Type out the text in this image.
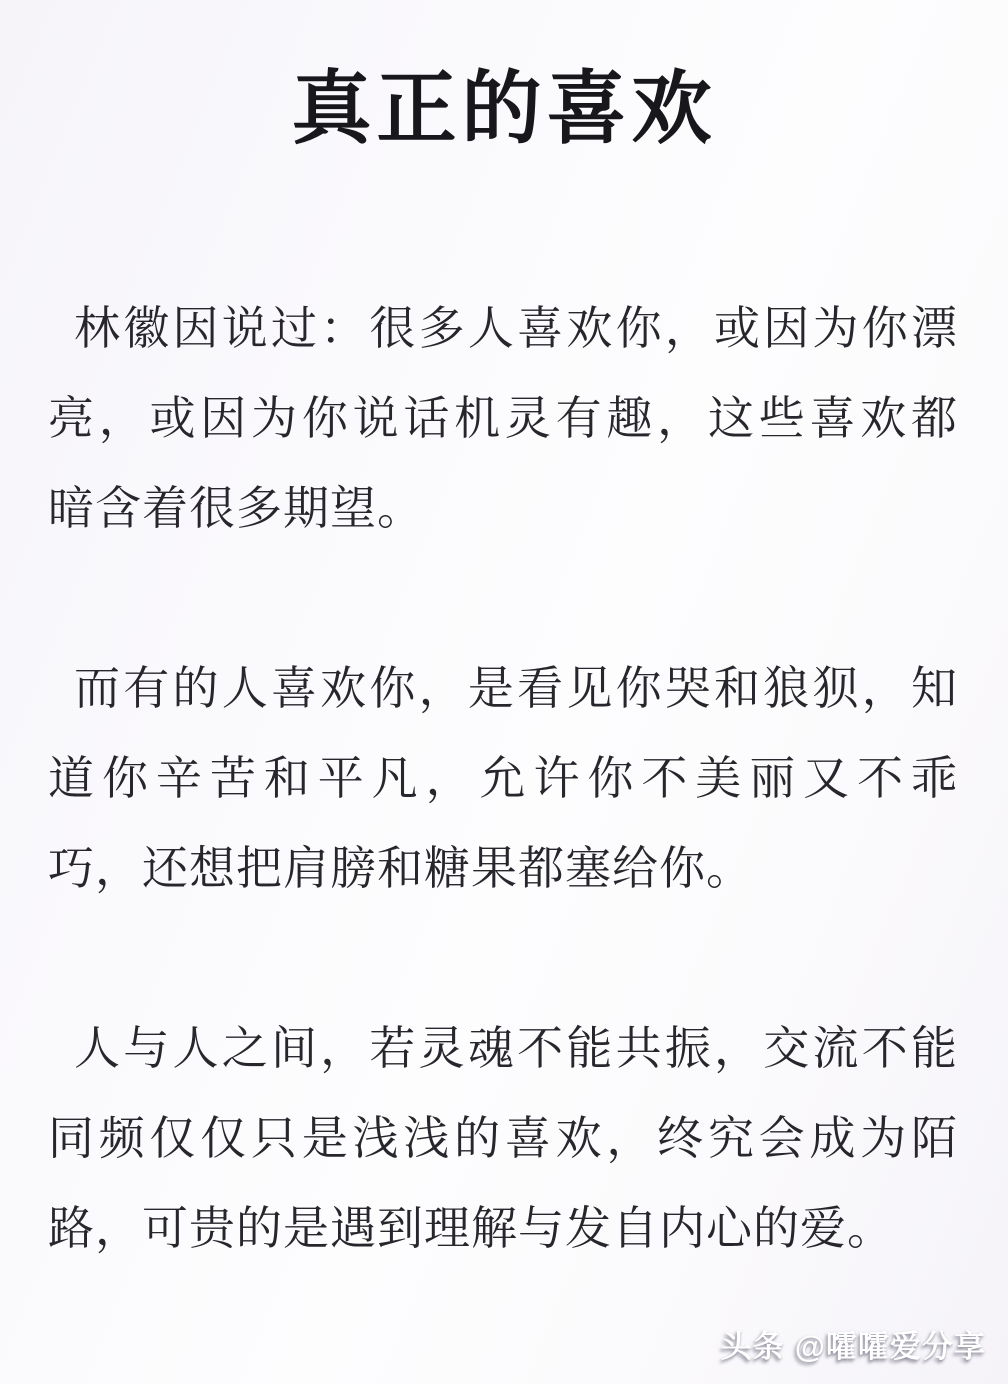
真正的喜欢
林徽因说过：很多人喜欢你，或因为你漂
亮，或因为你说话机灵有趣，这些喜欢都
暗含着很多期望。
而有的人喜欢你，是看见你哭和狼狈，知
道你辛苦和平凡，允许你不美丽又不乖
巧，还想把肩膀和糖果都塞给你。
人与人之间，若灵魂不能共振，交流不能
同频仅仅只是浅浅的喜欢，终究会成为陌
路，可贵的是遇到理解与发自内心的爱。
头条 @嚯嚯爱分享
